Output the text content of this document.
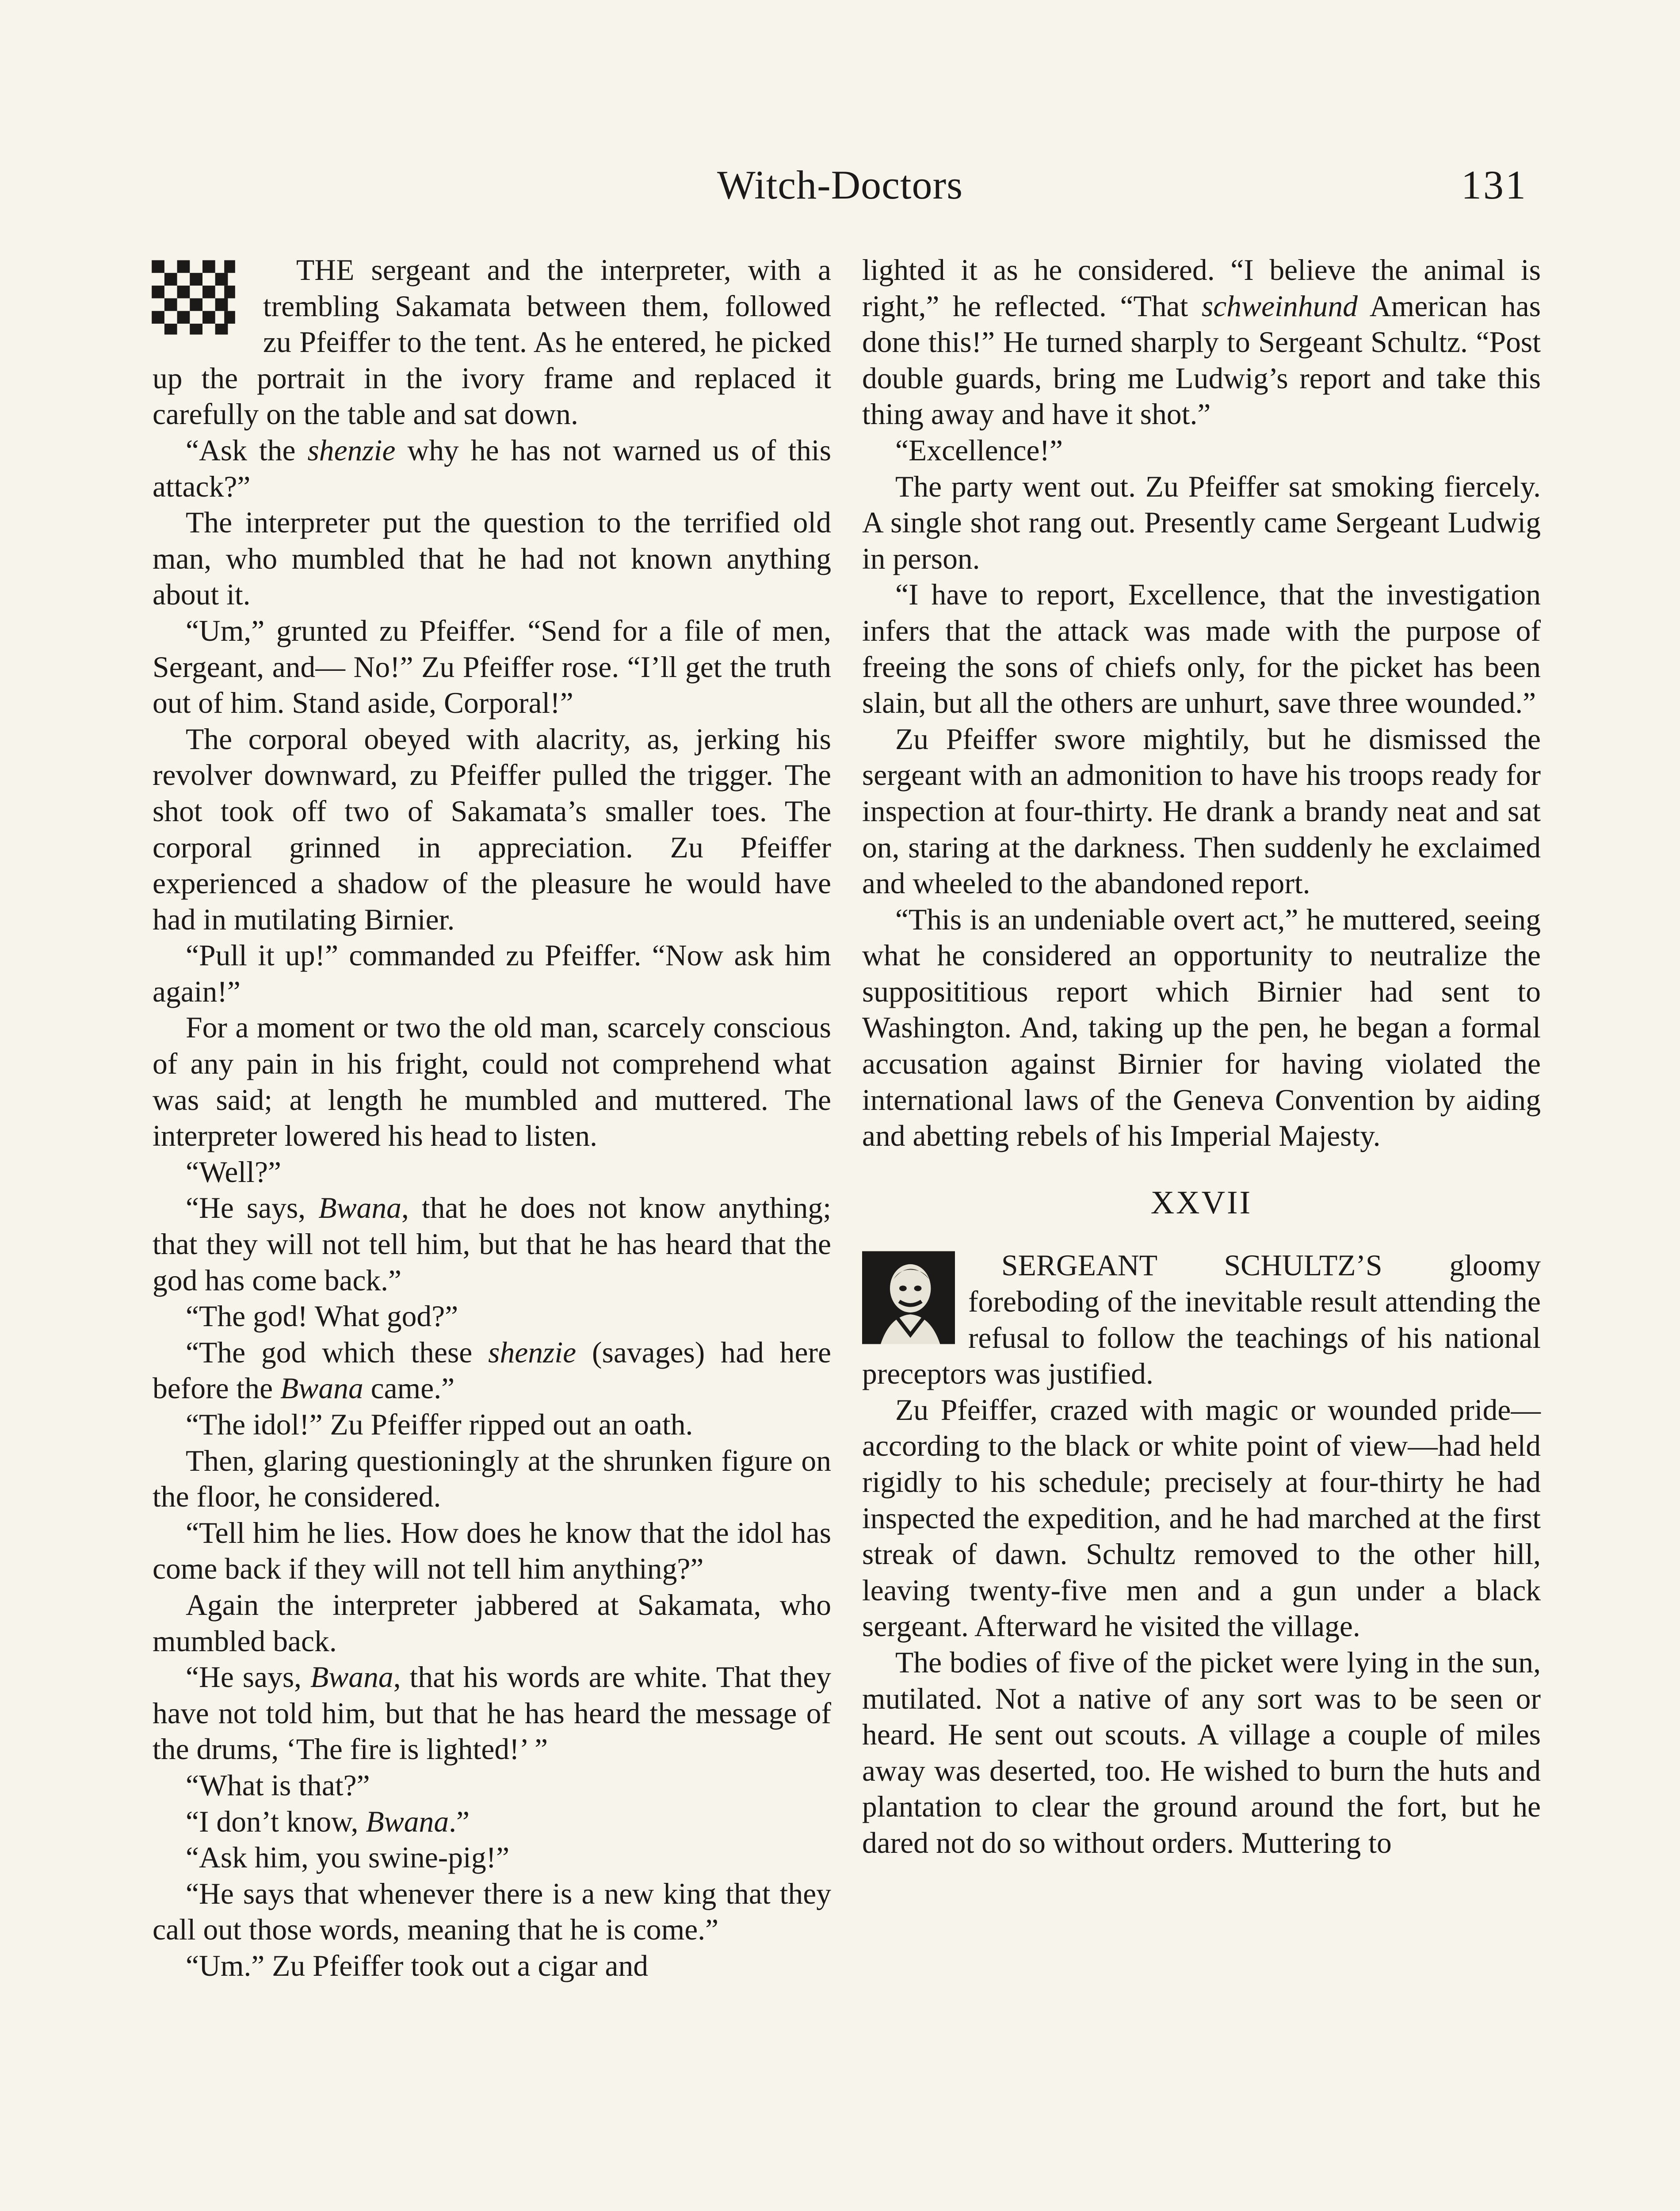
Witch-Doctors	131

THE sergeant and the interpreter, with a trembling Sakamata between them, followed zu Pfeiffer to the tent. As he entered, he picked up the portrait in the ivory frame and replaced it carefully on the table and sat down.

“Ask the shenzie why he has not warned us of this attack?”

The interpreter put the question to the terrified old man, who mumbled that he had not known anything about it.

“Um,” grunted zu Pfeiffer. “Send for a file of men, Sergeant, and— No!” Zu Pfeiffer rose. “I’ll get the truth out of him. Stand aside, Corporal!”

The corporal obeyed with alacrity, as, jerking his revolver downward, zu Pfeiffer pulled the trigger. The shot took off two of Sakamata’s smaller toes. The corporal grinned in appreciation. Zu Pfeiffer experienced a shadow of the pleasure he would have had in mutilating Birnier.

“Pull it up!” commanded zu Pfeiffer. “Now ask him again!”

For a moment or two the old man, scarcely conscious of any pain in his fright, could not comprehend what was said; at length he mumbled and muttered. The interpreter lowered his head to listen.

“Well?”

“He says, Bwana, that he does not know anything; that they will not tell him, but that he has heard that the god has come back.”

“The god! What god?”

“The god which these shenzie (savages) had here before the Bwana came.”

“The idol!” Zu Pfeiffer ripped out an oath.

Then, glaring questioningly at the shrunken figure on the floor, he considered.

“Tell him he lies. How does he know that the idol has come back if they will not tell him anything?”

Again the interpreter jabbered at Sakamata, who mumbled back.

“He says, Bwana, that his words are white. That they have not told him, but that he has heard the message of the drums, ‘The fire is lighted!’ ”

“What is that?”

“I don’t know, Bwana.”

“Ask him, you swine-pig!”

“He says that whenever there is a new king that they call out those words, meaning that he is come.”

“Um.” Zu Pfeiffer took out a cigar and

lighted it as he considered. “I believe the animal is right,” he reflected. “That schweinhund American has done this!” He turned sharply to Sergeant Schultz. “Post double guards, bring me Ludwig’s report and take this thing away and have it shot.”

“Excellence!”

The party went out. Zu Pfeiffer sat smoking fiercely. A single shot rang out. Presently came Sergeant Ludwig in person.

“I have to report, Excellence, that the investigation infers that the attack was made with the purpose of freeing the sons of chiefs only, for the picket has been slain, but all the others are unhurt, save three wounded.”

Zu Pfeiffer swore mightily, but he dismissed the sergeant with an admonition to have his troops ready for inspection at four-thirty. He drank a brandy neat and sat on, staring at the darkness. Then suddenly he exclaimed and wheeled to the abandoned report.

“This is an undeniable overt act,” he muttered, seeing what he considered an opportunity to neutralize the supposititious report which Birnier had sent to Washington. And, taking up the pen, he began a formal accusation against Birnier for having violated the international laws of the Geneva Convention by aiding and abetting rebels of his Imperial Majesty.

XXVII

SERGEANT SCHULTZ’S gloomy foreboding of the inevitable result attending the refusal to follow the teachings of his national preceptors was justified.

Zu Pfeiffer, crazed with magic or wounded pride—according to the black or white point of view—had held rigidly to his schedule; precisely at four-thirty he had inspected the expedition, and he had marched at the first streak of dawn. Schultz removed to the other hill, leaving twenty-five men and a gun under a black sergeant. Afterward he visited the village.

The bodies of five of the picket were lying in the sun, mutilated. Not a native of any sort was to be seen or heard. He sent out scouts. A village a couple of miles away was deserted, too. He wished to burn the huts and plantation to clear the ground around the fort, but he dared not do so without orders. Muttering to
